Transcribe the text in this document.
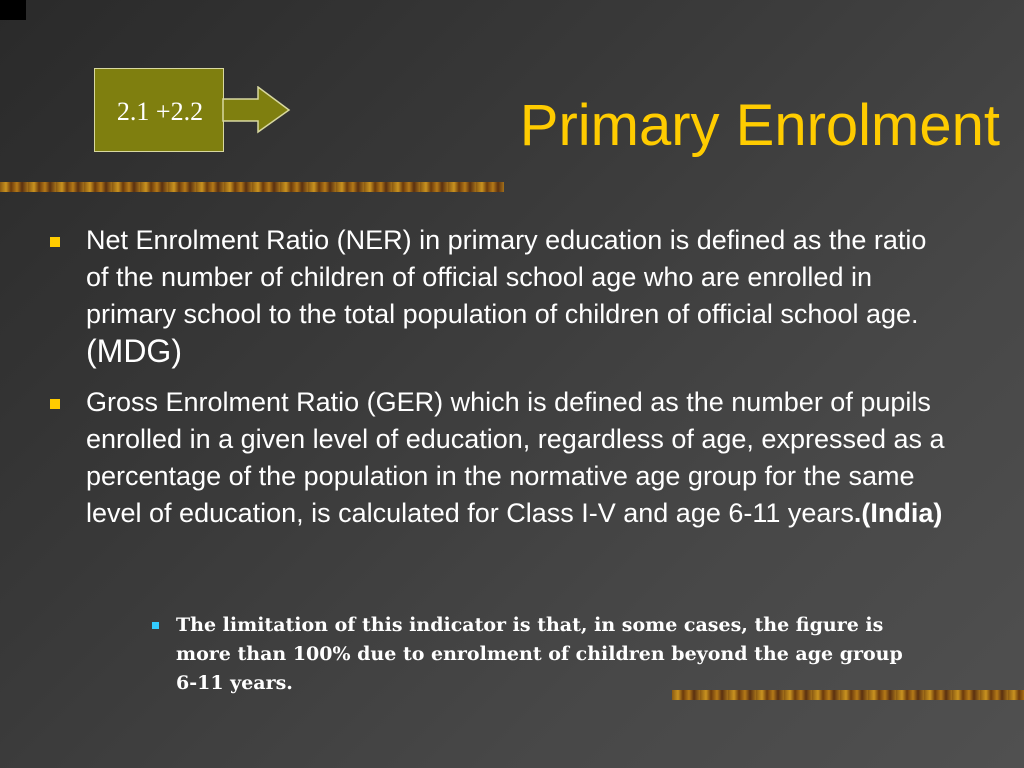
2.1 +2.2	Primary Enrolment
Net Enrolment Ratio (NER) in primary education is defined as the ratio of the number of children of official school age who are enrolled in primary school to the total population of children of official school age. (MDG)
Gross Enrolment Ratio (GER) which is defined as the number of pupils enrolled in a given level of education, regardless of age, expressed as a percentage of the population in the normative age group for the same level of education, is calculated for Class I-V and age 6-11 years.(India)
The limitation of this indicator is that, in some cases, the figure is more than 100% due to enrolment of children beyond the age group 6-11 years.
